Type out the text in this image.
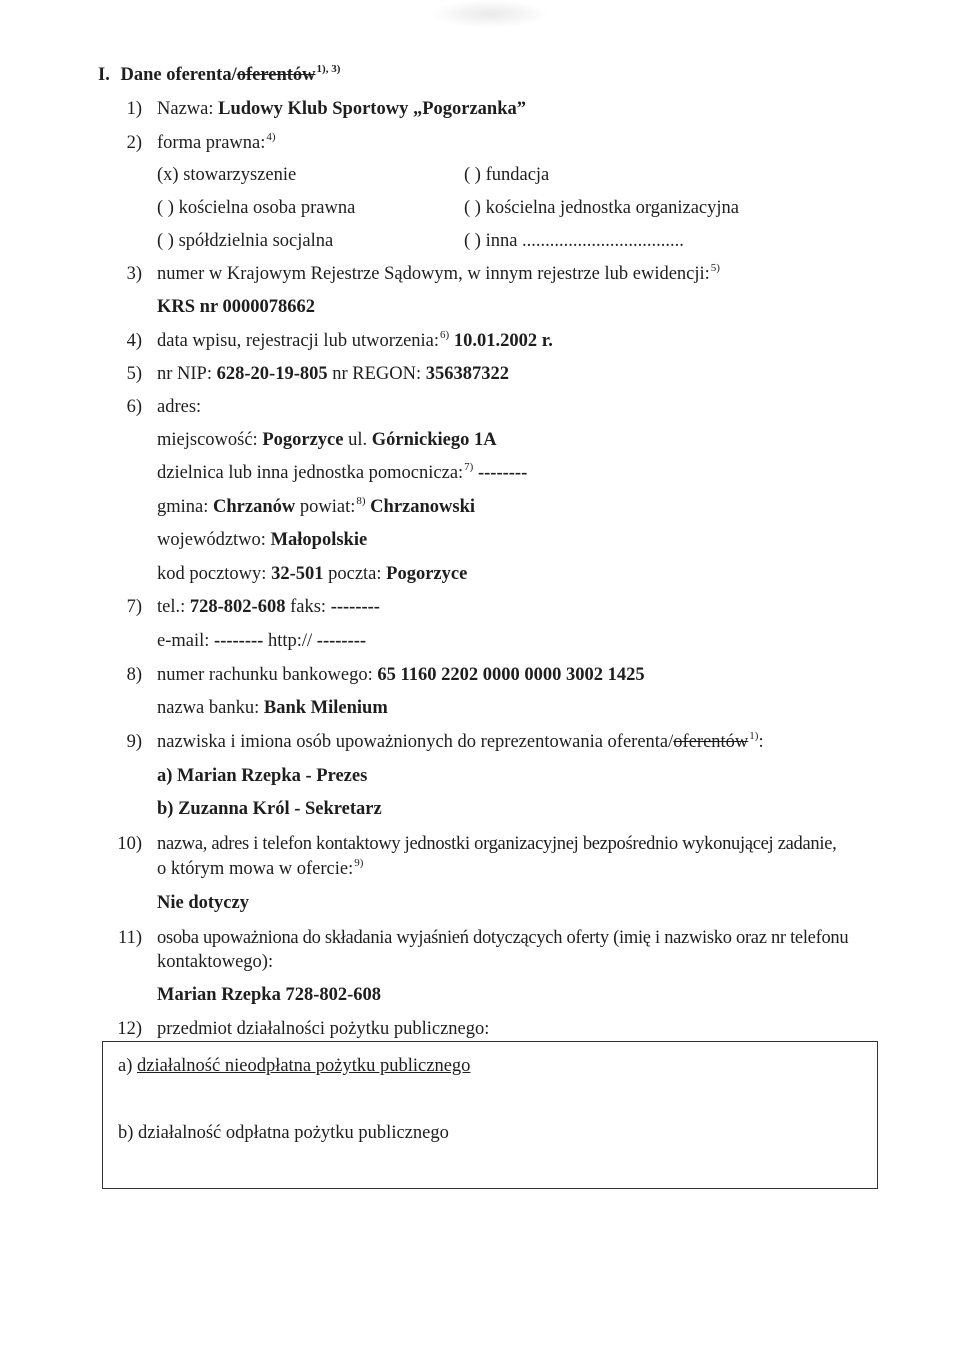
I. Dane oferenta/oferentów$^{1), 3)}$
1) Nazwa: Ludowy Klub Sportowy „Pogorzanka”
2) forma prawna:$^{4)}$
(x) stowarzyszenie	( ) fundacja
( ) kościelna osoba prawna	( ) kościelna jednostka organizacyjna
( ) spółdzielnia socjalna	( ) inna ...................................
3) numer w Krajowym Rejestrze Sądowym, w innym rejestrze lub ewidencji:$^{5)}$
KRS nr 0000078662
4) data wpisu, rejestracji lub utworzenia:$^{6)}$ 10.01.2002 r.
5) nr NIP: 628-20-19-805 nr REGON: 356387322
6) adres:
miejscowość: Pogorzyce ul. Górnickiego 1A
dzielnica lub inna jednostka pomocnicza:$^{7)}$ --------
gmina: Chrzanów powiat:$^{8)}$ Chrzanowski
województwo: Małopolskie
kod pocztowy: 32-501 poczta: Pogorzyce
7) tel.: 728-802-608 faks: --------
e-mail: -------- http:// --------
8) numer rachunku bankowego: 65 1160 2202 0000 0000 3002 1425
nazwa banku: Bank Milenium
9) nazwiska i imiona osób upoważnionych do reprezentowania oferenta/oferentów$^{1)}$:
a) Marian Rzepka - Prezes
b) Zuzanna Król - Sekretarz
10) nazwa, adres i telefon kontaktowy jednostki organizacyjnej bezpośrednio wykonującej zadanie,
o którym mowa w ofercie:$^{9)}$
Nie dotyczy
11) osoba upoważniona do składania wyjaśnień dotyczących oferty (imię i nazwisko oraz nr telefonu
kontaktowego):
Marian Rzepka 728-802-608
12) przedmiot działalności pożytku publicznego:
a) działalność nieodpłatna pożytku publicznego
b) działalność odpłatna pożytku publicznego
